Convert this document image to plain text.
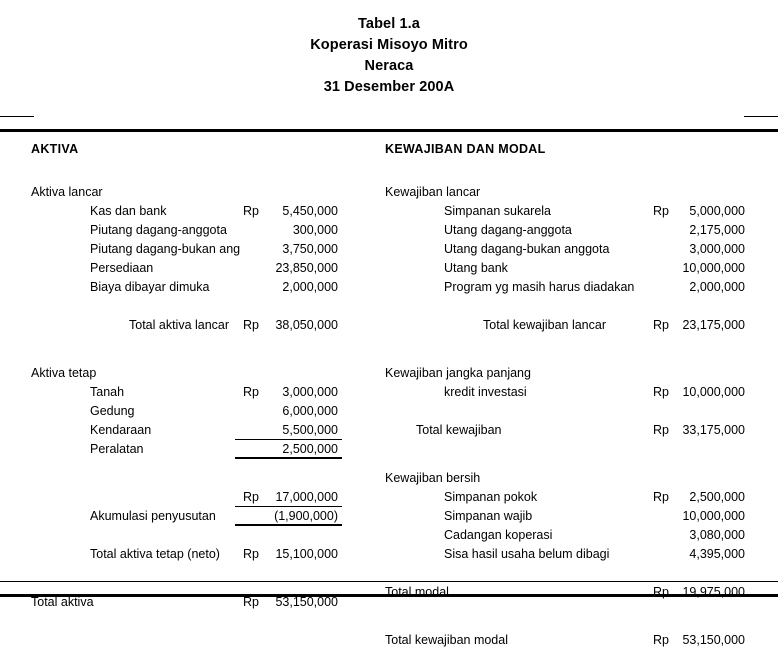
Tabel 1.a
Koperasi Misoyo Mitro
Neraca
31 Desember 200A
AKTIVA
Aktiva lancar
Kas dan bank	Rp	5,450,000
Piutang dagang-anggota	300,000
Piutang dagang-bukan ang	3,750,000
Persediaan	23,850,000
Biaya dibayar dimuka	2,000,000
Total aktiva lancar Rp	38,050,000
Aktiva tetap
Tanah	Rp	3,000,000
Gedung	6,000,000
Kendaraan	5,500,000
Peralatan	2,500,000
Rp	17,000,000
Akumulasi penyusutan	(1,900,000)
Total aktiva tetap (neto) Rp	15,100,000
Total aktiva	Rp	53,150,000
KEWAJIBAN DAN MODAL
Kewajiban lancar
Simpanan sukarela	Rp	5,000,000
Utang dagang-anggota	2,175,000
Utang dagang-bukan anggota	3,000,000
Utang bank	10,000,000
Program yg masih harus diadakan	2,000,000
Total kewajiban lancar	Rp	23,175,000
Kewajiban jangka panjang
kredit investasi	Rp	10,000,000
Total kewajiban	Rp	33,175,000
Kewajiban bersih
Simpanan pokok	Rp	2,500,000
Simpanan wajib	10,000,000
Cadangan koperasi	3,080,000
Sisa hasil usaha belum dibagi	4,395,000
Total modal	Rp	19,975,000
Total kewajiban modal	Rp	53,150,000
